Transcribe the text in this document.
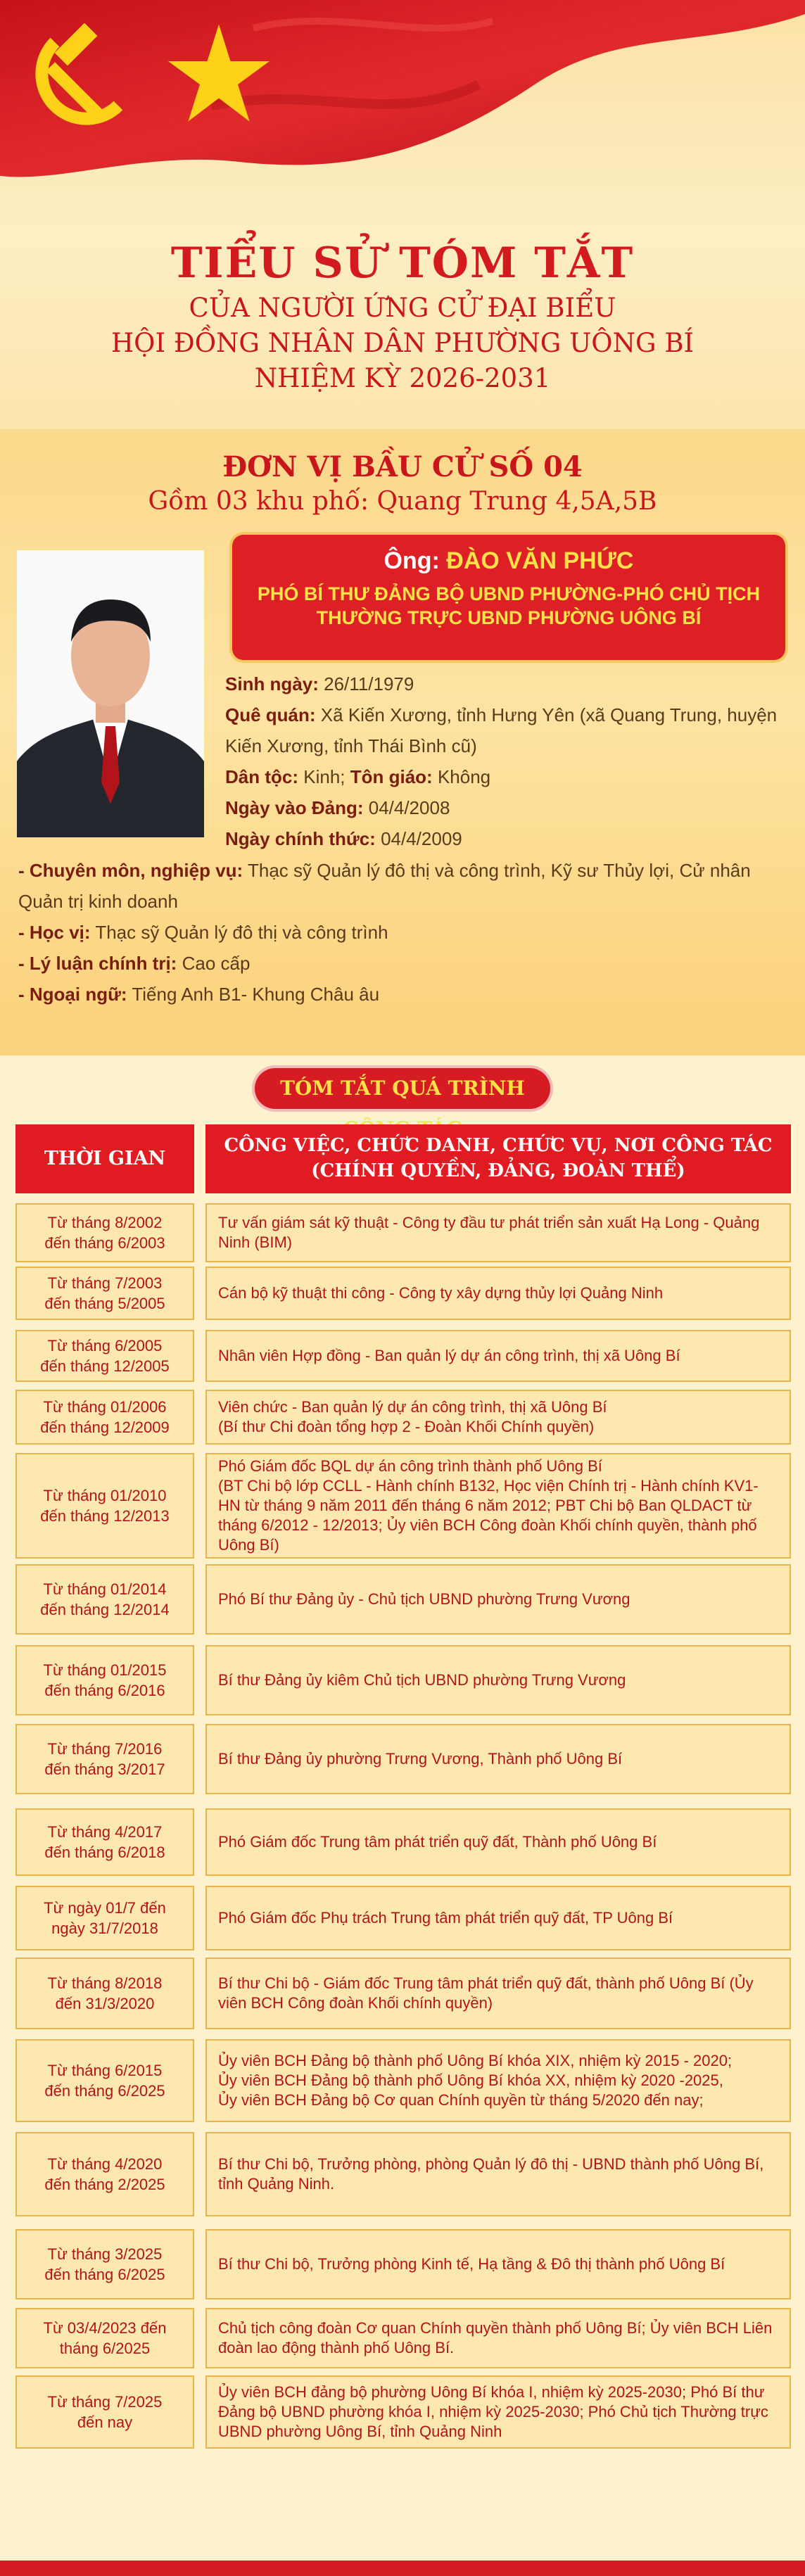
TIỂU SỬ TÓM TẮT
CỦA NGƯỜI ỨNG CỬ ĐẠI BIỂU
HỘI ĐỒNG NHÂN DÂN PHƯỜNG UÔNG BÍ
NHIỆM KỲ 2026-2031
ĐƠN VỊ BẦU CỬ SỐ 04
Gồm 03 khu phố: Quang Trung 4,5A,5B
Ông: ĐÀO VĂN PHỨC
PHÓ BÍ THƯ ĐẢNG BỘ UBND PHƯỜNG-PHÓ CHỦ TỊCH THƯỜNG TRỰC UBND PHƯỜNG UÔNG BÍ
Sinh ngày: 26/11/1979
Quê quán: Xã Kiến Xương, tỉnh Hưng Yên (xã Quang Trung, huyện Kiến Xương, tỉnh Thái Bình cũ)
Dân tộc: Kinh; Tôn giáo: Không
Ngày vào Đảng: 04/4/2008
Ngày chính thức: 04/4/2009
- Chuyên môn, nghiệp vụ: Thạc sỹ Quản lý đô thị và công trình, Kỹ sư Thủy lợi, Cử nhân Quản trị kinh doanh
- Học vị: Thạc sỹ Quản lý đô thị và công trình
- Lý luận chính trị: Cao cấp
- Ngoại ngữ: Tiếng Anh B1- Khung Châu âu
TÓM TẮT QUÁ TRÌNH
THỜI GIAN
CÔNG VIỆC, CHỨC DANH, CHỨC VỤ, NƠI CÔNG TÁC
(CHÍNH QUYỀN, ĐẢNG, ĐOÀN THỂ)
Từ tháng 8/2002
đến tháng 6/2003
Tư vấn giám sát kỹ thuật - Công ty đầu tư phát triển sản xuất Hạ Long - Quảng Ninh (BIM)
Từ tháng 7/2003
đến tháng 5/2005
Cán bộ kỹ thuật thi công - Công ty xây dựng thủy lợi Quảng Ninh
Từ tháng 6/2005
đến tháng 12/2005
Nhân viên Hợp đồng - Ban quản lý dự án công trình, thị xã Uông Bí
Từ tháng 01/2006
đến tháng 12/2009
Viên chức - Ban quản lý dự án công trình, thị xã Uông Bí
(Bí thư Chi đoàn tổng hợp 2 - Đoàn Khối Chính quyền)
Từ tháng 01/2010
đến tháng 12/2013
Phó Giám đốc BQL dự án công trình thành phố Uông Bí
(BT Chi bộ lớp CCLL - Hành chính B132, Học viện Chính trị - Hành chính KV1- HN từ tháng 9 năm 2011 đến tháng 6 năm 2012; PBT Chi bộ Ban QLDACT từ tháng 6/2012 - 12/2013; Ủy viên BCH Công đoàn Khối chính quyền, thành phố Uông Bí)
Từ tháng 01/2014
đến tháng 12/2014
Phó Bí thư Đảng ủy - Chủ tịch UBND phường Trưng Vương
Từ tháng 01/2015
đến tháng 6/2016
Bí thư Đảng ủy kiêm Chủ tịch UBND phường Trưng Vương
Từ tháng 7/2016
đến tháng 3/2017
Bí thư Đảng ủy phường Trưng Vương, Thành phố Uông Bí
Từ tháng 4/2017
đến tháng 6/2018
Phó Giám đốc Trung tâm phát triển quỹ đất, Thành phố Uông Bí
Từ ngày 01/7 đến
ngày 31/7/2018
Phó Giám đốc Phụ trách Trung tâm phát triển quỹ đất, TP Uông Bí
Từ tháng 8/2018
đến 31/3/2020
Bí thư Chi bộ - Giám đốc Trung tâm phát triển quỹ đất, thành phố Uông Bí (Ủy viên BCH Công đoàn Khối chính quyền)
Từ tháng 6/2015
đến tháng 6/2025
Ủy viên BCH Đảng bộ thành phố Uông Bí khóa XIX, nhiệm kỳ 2015 - 2020;
Ủy viên BCH Đảng bộ thành phố Uông Bí khóa XX, nhiệm kỳ 2020 -2025,
Ủy viên BCH Đảng bộ Cơ quan Chính quyền từ tháng 5/2020 đến nay;
Từ tháng 4/2020
đến tháng 2/2025
Bí thư Chi bộ, Trưởng phòng, phòng Quản lý đô thị - UBND thành phố Uông Bí, tỉnh Quảng Ninh.
Từ tháng 3/2025
đến tháng 6/2025
Bí thư Chi bộ, Trưởng phòng Kinh tế, Hạ tầng & Đô thị thành phố Uông Bí
Từ 03/4/2023 đến
tháng 6/2025
Chủ tịch công đoàn Cơ quan Chính quyền thành phố Uông Bí; Ủy viên BCH Liên đoàn lao động thành phố Uông Bí.
Từ tháng 7/2025
đến nay
Ủy viên BCH đảng bộ phường Uông Bí khóa I, nhiệm kỳ 2025-2030; Phó Bí thư Đảng bộ UBND phường khóa I, nhiệm kỳ 2025-2030; Phó Chủ tịch Thường trực UBND phường Uông Bí, tỉnh Quảng Ninh
